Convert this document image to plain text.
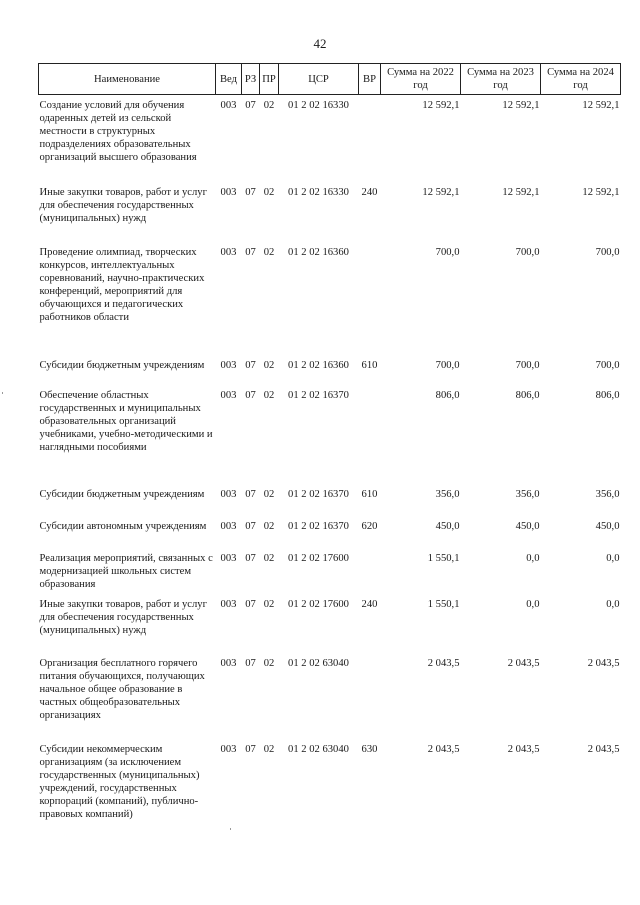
42
Наименование	Вед	РЗ	ПР	ЦСР	ВР	Сумма на 2022 год	Сумма на 2023 год	Сумма на 2024 год

Создание условий для обучения одаренных детей из сельской местности в структурных подразделениях образовательных организаций высшего образования	003	07	02	01 2 02 16330		12 592,1	12 592,1	12 592,1
Иные закупки товаров, работ и услуг для обеспечения государственных (муниципальных) нужд	003	07	02	01 2 02 16330	240	12 592,1	12 592,1	12 592,1
Проведение олимпиад, творческих конкурсов, интеллектуальных соревнований, научно-практических конференций, мероприятий для обучающихся и педагогических работников области	003	07	02	01 2 02 16360		700,0	700,0	700,0
Субсидии бюджетным учреждениям	003	07	02	01 2 02 16360	610	700,0	700,0	700,0
Обеспечение областных государственных и муниципальных образовательных организаций учебниками, учебно-методическими и наглядными пособиями	003	07	02	01 2 02 16370		806,0	806,0	806,0
Субсидии бюджетным учреждениям	003	07	02	01 2 02 16370	610	356,0	356,0	356,0
Субсидии автономным учреждениям	003	07	02	01 2 02 16370	620	450,0	450,0	450,0
Реализация мероприятий, связанных с модернизацией школьных систем образования	003	07	02	01 2 02 17600		1 550,1	0,0	0,0
Иные закупки товаров, работ и услуг для обеспечения государственных (муниципальных) нужд	003	07	02	01 2 02 17600	240	1 550,1	0,0	0,0
Организация бесплатного горячего питания обучающихся, получающих начальное общее образование в частных общеобразовательных организациях	003	07	02	01 2 02 63040		2 043,5	2 043,5	2 043,5
Субсидии некоммерческим организациям (за исключением государственных (муниципальных) учреждений, государственных корпораций (компаний), публично-правовых компаний)	003	07	02	01 2 02 63040	630	2 043,5	2 043,5	2 043,5
